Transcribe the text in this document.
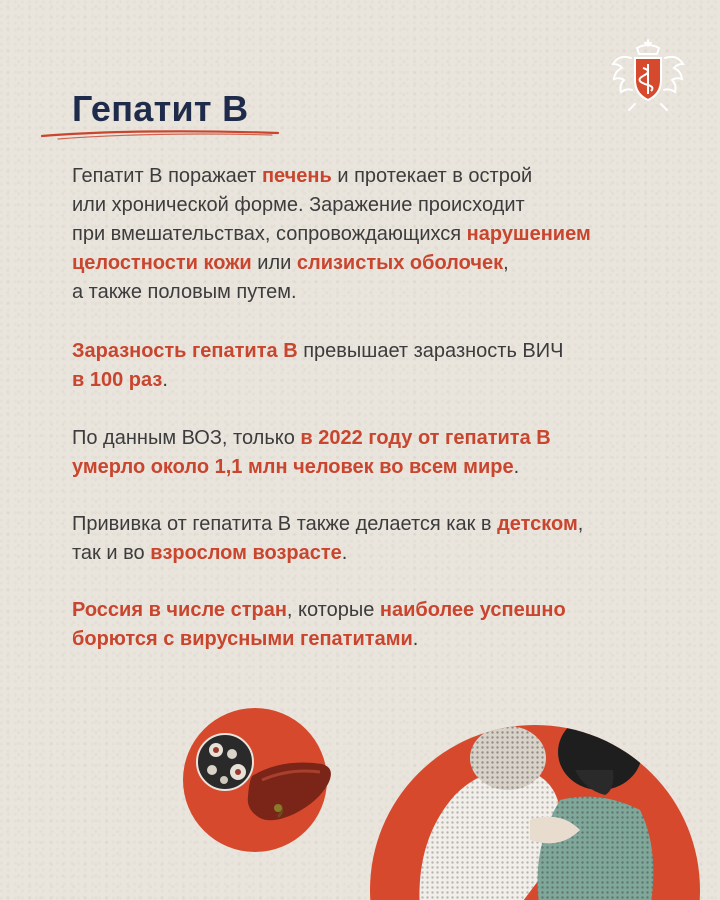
Гепатит В

Гепатит В поражает печень и протекает в острой
или хронической форме. Заражение происходит
при вмешательствах, сопровождающихся нарушением
целостности кожи или слизистых оболочек,
а также половым путем.

Заразность гепатита В превышает заразность ВИЧ
в 100 раз.

По данным ВОЗ, только в 2022 году от гепатита В
умерло около 1,1 млн человек во всем мире.

Прививка от гепатита В также делается как в детском,
так и во взрослом возрасте.

Россия в числе стран, которые наиболее успешно
борются с вирусными гепатитами.
